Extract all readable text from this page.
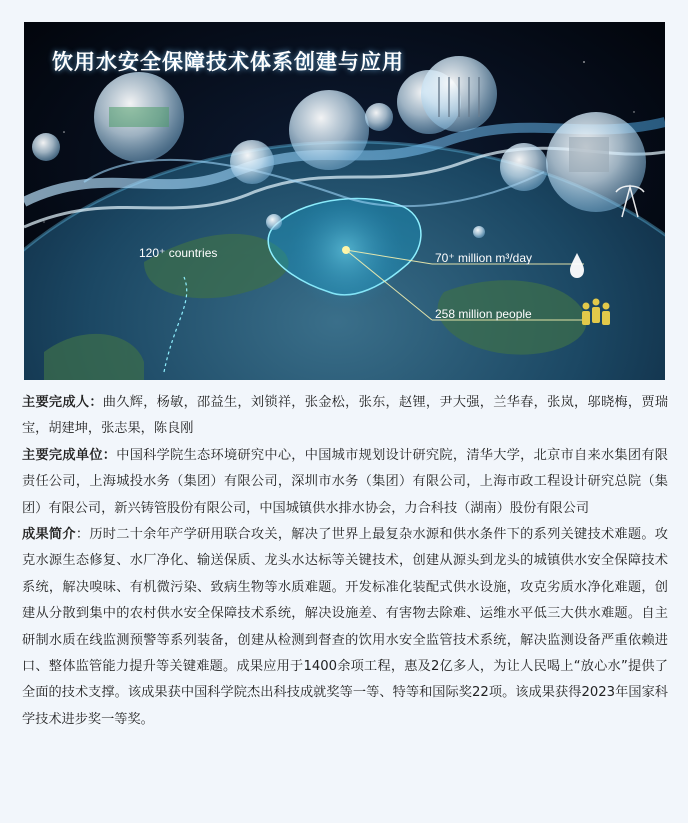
饮用水安全保障技术体系创建与应用
120⁺ countries	70⁺ million m³/day
258 million people

主要完成人：曲久辉，杨敏，邵益生，刘锁祥，张金松，张东，赵锂，尹大强，兰华春，张岚，邬晓梅，贾瑞宝，胡建坤，张志果，陈良刚

主要完成单位：中国科学院生态环境研究中心，中国城市规划设计研究院，清华大学，北京市自来水集团有限责任公司，上海城投水务（集团）有限公司，深圳市水务（集团）有限公司，上海市政工程设计研究总院（集团）有限公司，新兴铸管股份有限公司，中国城镇供水排水协会，力合科技（湖南）股份有限公司

成果简介：历时二十余年产学研用联合攻关，解决了世界上最复杂水源和供水条件下的系列关键技术难题。攻克水源生态修复、水厂净化、输送保质、龙头水达标等关键技术，创建从源头到龙头的城镇供水安全保障技术系统，解决嗅味、有机微污染、致病生物等水质难题。开发标准化装配式供水设施，攻克劣质水净化难题，创建从分散到集中的农村供水安全保障技术系统，解决设施差、有害物去除难、运维水平低三大供水难题。自主研制水质在线监测预警等系列装备，创建从检测到督查的饮用水安全监管技术系统，解决监测设备严重依赖进口、整体监管能力提升等关键难题。成果应用于1400余项工程，惠及2亿多人，为让人民喝上“放心水”提供了全面的技术支撑。该成果获中国科学院杰出科技成就奖等一等、特等和国际奖22项。该成果获得2023年国家科学技术进步奖一等奖。
